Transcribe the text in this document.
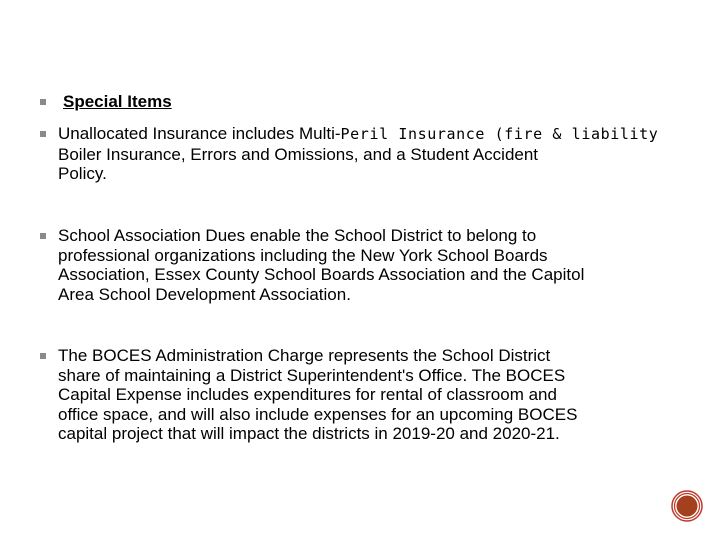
Special Items

Unallocated Insurance includes Multi-Peril Insurance (fire & liability
Boiler Insurance, Errors and Omissions, and a Student Accident
Policy.

School Association Dues enable the School District to belong to
professional organizations including the New York School Boards
Association, Essex County School Boards Association and the Capitol
Area School Development Association.

The BOCES Administration Charge represents the School District
share of maintaining a District Superintendent's Office. The BOCES
Capital Expense includes expenditures for rental of classroom and
office space, and will also include expenses for an upcoming BOCES
capital project that will impact the districts in 2019-20 and 2020-21.
